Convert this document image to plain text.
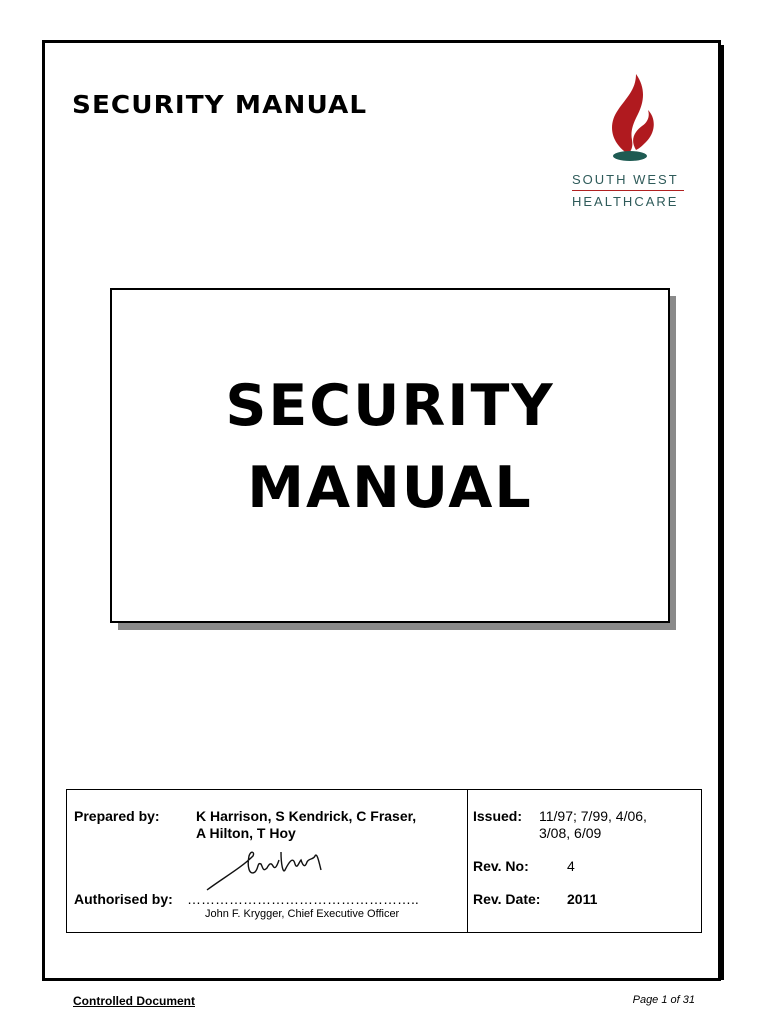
SECURITY MANUAL
SOUTH WEST
HEALTHCARE
SECURITY
MANUAL
Prepared by:	K Harrison, S Kendrick, C Fraser,
A Hilton, T Hoy
Authorised by: …………………………………………..
John F. Krygger, Chief Executive Officer
Issued: 11/97; 7/99, 4/06,
3/08, 6/09
Rev. No:	4
Rev. Date: 2011
Controlled Document	Page 1 of 31
